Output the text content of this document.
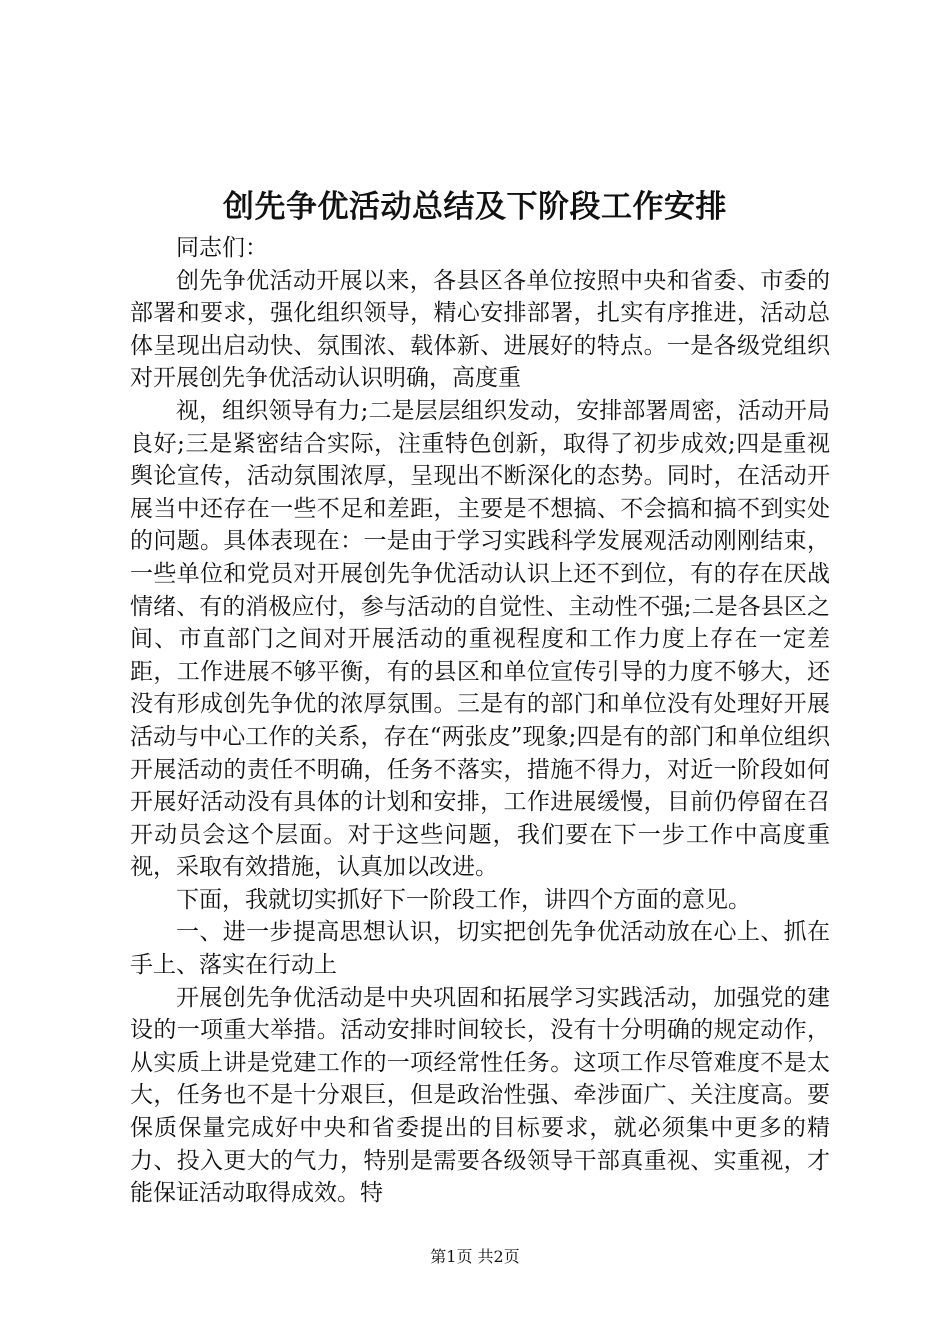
创先争优活动总结及下阶段工作安排

同志们：

创先争优活动开展以来，各县区各单位按照中央和省委、市委的部署和要求，强化组织领导，精心安排部署，扎实有序推进，活动总体呈现出启动快、氛围浓、载体新、进展好的特点。一是各级党组织对开展创先争优活动认识明确，高度重

视，组织领导有力;二是层层组织发动，安排部署周密，活动开局良好;三是紧密结合实际，注重特色创新，取得了初步成效;四是重视舆论宣传，活动氛围浓厚，呈现出不断深化的态势。同时，在活动开展当中还存在一些不足和差距，主要是不想搞、不会搞和搞不到实处的问题。具体表现在：一是由于学习实践科学发展观活动刚刚结束，一些单位和党员对开展创先争优活动认识上还不到位，有的存在厌战情绪、有的消极应付，参与活动的自觉性、主动性不强;二是各县区之间、市直部门之间对开展活动的重视程度和工作力度上存在一定差距，工作进展不够平衡，有的县区和单位宣传引导的力度不够大，还没有形成创先争优的浓厚氛围。三是有的部门和单位没有处理好开展活动与中心工作的关系，存在“两张皮”现象;四是有的部门和单位组织开展活动的责任不明确，任务不落实，措施不得力，对近一阶段如何开展好活动没有具体的计划和安排，工作进展缓慢，目前仍停留在召开动员会这个层面。对于这些问题，我们要在下一步工作中高度重视，采取有效措施，认真加以改进。

下面，我就切实抓好下一阶段工作，讲四个方面的意见。

一、进一步提高思想认识，切实把创先争优活动放在心上、抓在手上、落实在行动上

开展创先争优活动是中央巩固和拓展学习实践活动，加强党的建设的一项重大举措。活动安排时间较长，没有十分明确的规定动作，从实质上讲是党建工作的一项经常性任务。这项工作尽管难度不是太大，任务也不是十分艰巨，但是政治性强、牵涉面广、关注度高。要保质保量完成好中央和省委提出的目标要求，就必须集中更多的精力、投入更大的气力，特别是需要各级领导干部真重视、实重视，才能保证活动取得成效。特

第1页 共2页
